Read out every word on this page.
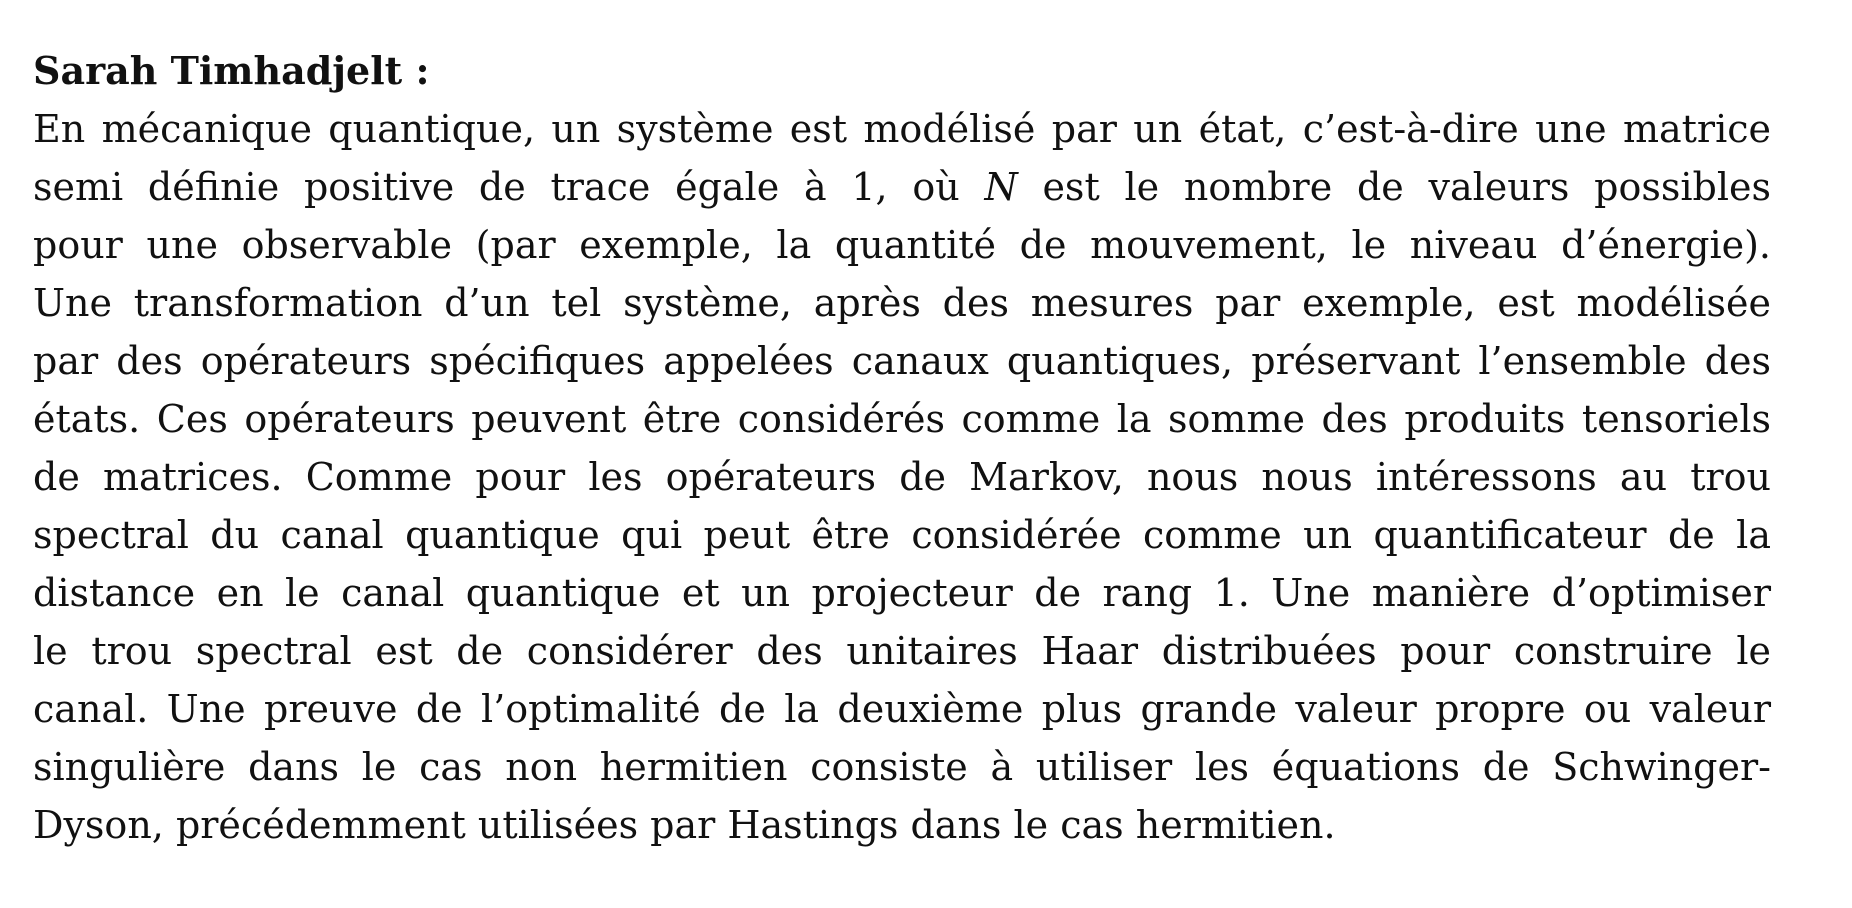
Sarah Timhadjelt :
En mécanique quantique, un système est modélisé par un état, c’est-à-dire une matrice
semi définie positive de trace égale à 1, où N est le nombre de valeurs possibles
pour une observable (par exemple, la quantité de mouvement, le niveau d’énergie).
Une transformation d’un tel système, après des mesures par exemple, est modélisée
par des opérateurs spécifiques appelées canaux quantiques, préservant l’ensemble des
états. Ces opérateurs peuvent être considérés comme la somme des produits tensoriels
de matrices. Comme pour les opérateurs de Markov, nous nous intéressons au trou
spectral du canal quantique qui peut être considérée comme un quantificateur de la
distance en le canal quantique et un projecteur de rang 1. Une manière d’optimiser
le trou spectral est de considérer des unitaires Haar distribuées pour construire le
canal. Une preuve de l’optimalité de la deuxième plus grande valeur propre ou valeur
singulière dans le cas non hermitien consiste à utiliser les équations de Schwinger-
Dyson, précédemment utilisées par Hastings dans le cas hermitien.
